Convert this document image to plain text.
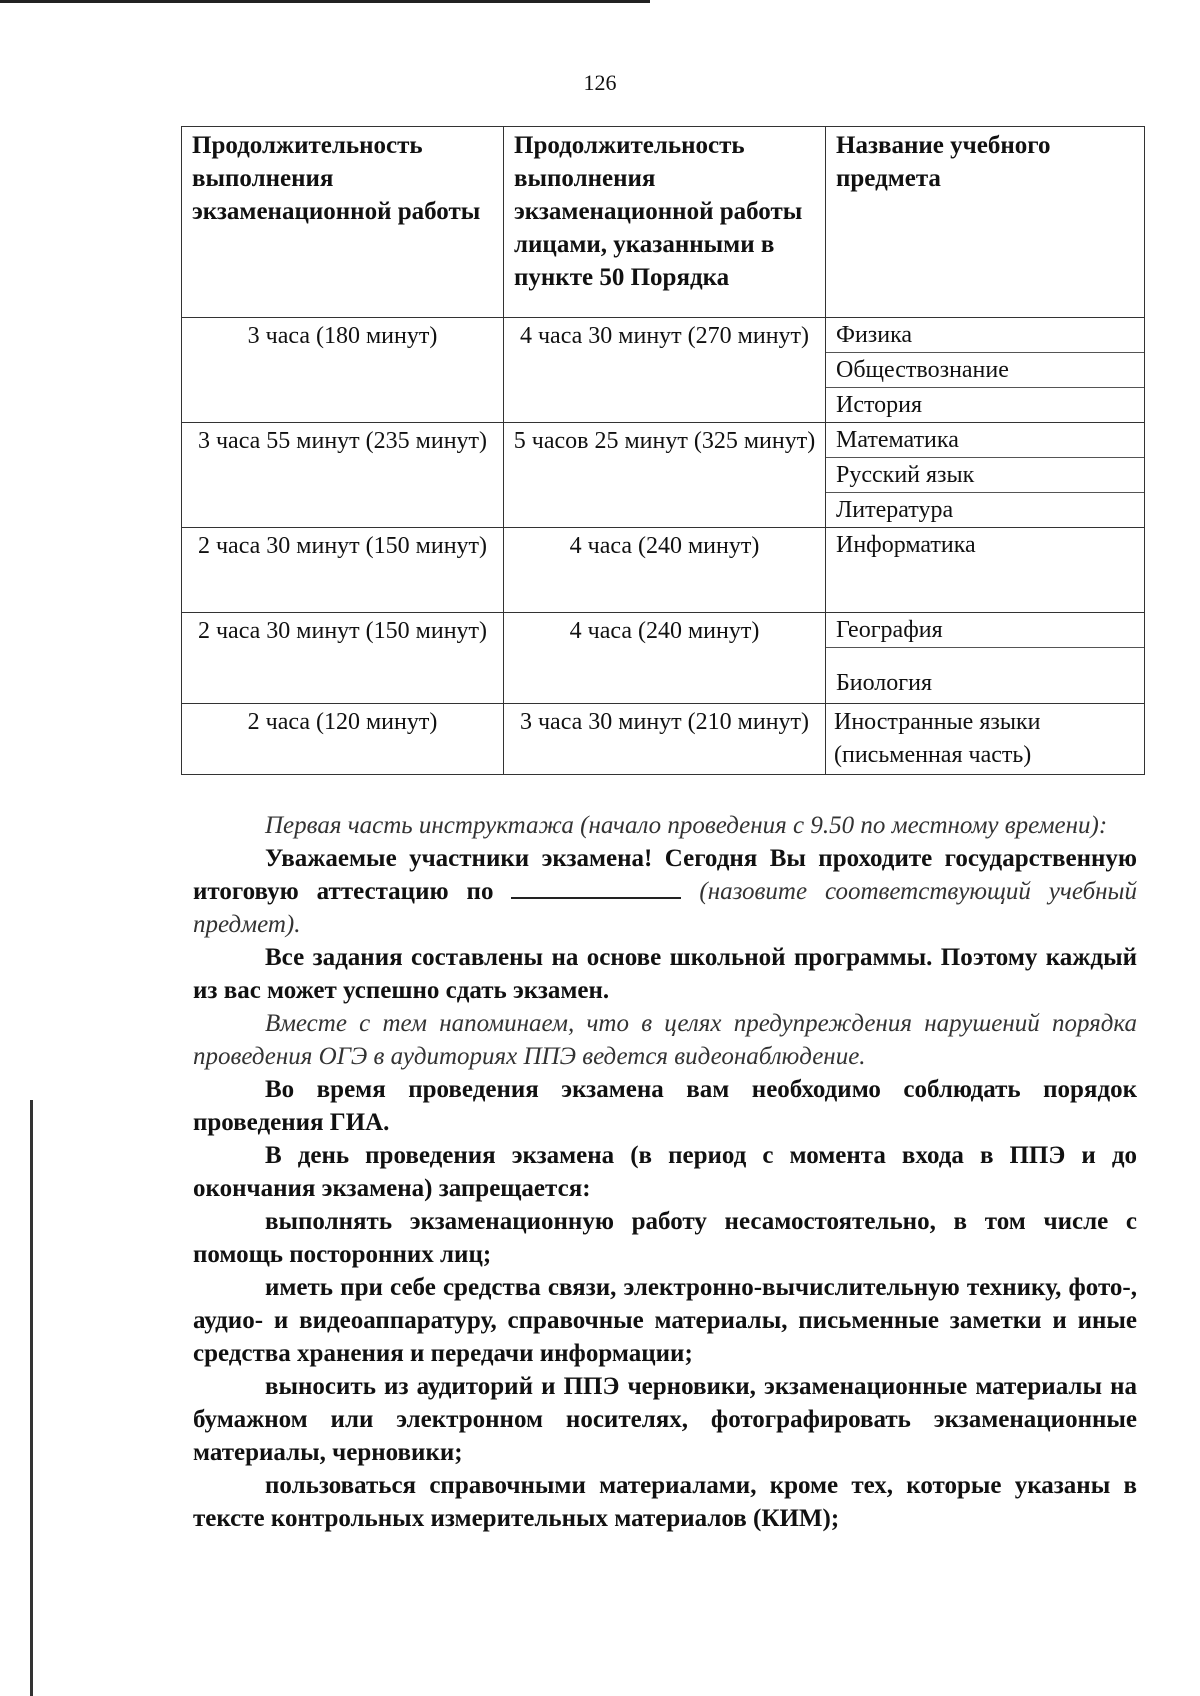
126
Продолжительность выполнения экзаменационной работы	Продолжительность выполнения экзаменационной работы лицами, указанными в пункте 50 Порядка	Название учебного предмета
3 часа (180 минут)	4 часа 30 минут (270 минут)	Физика
Обществознание
История

3 часа 55 минут (235 минут)	5 часов 25 минут (325 минут)	Математика
Русский язык
Литература

2 часа 30 минут (150 минут)	4 часа (240 минут)	Информатика

2 часа 30 минут (150 минут)	4 часа (240 минут)	География
Биология

2 часа (120 минут)	3 часа 30 минут (210 минут)	Иностранные языки (письменная часть)

Первая часть инструктажа (начало проведения с 9.50 по местному времени):

Уважаемые участники экзамена! Сегодня Вы проходите государственную итоговую аттестацию по	(назовите соответствующий учебный предмет).

Все задания составлены на основе школьной программы. Поэтому каждый из вас может успешно сдать экзамен.

Вместе с тем напоминаем, что в целях предупреждения нарушений порядка проведения ОГЭ в аудиториях ППЭ ведется видеонаблюдение.

Во время проведения экзамена вам необходимо соблюдать порядок проведения ГИА.

В день проведения экзамена (в период с момента входа в ППЭ и до окончания экзамена) запрещается:

выполнять экзаменационную работу несамостоятельно, в том числе с помощь посторонних лиц;

иметь при себе средства связи, электронно-вычислительную технику, фото-, аудио- и видеоаппаратуру, справочные материалы, письменные заметки и иные средства хранения и передачи информации;

выносить из аудиторий и ППЭ черновики, экзаменационные материалы на бумажном или электронном носителях, фотографировать экзаменационные материалы, черновики;

пользоваться справочными материалами, кроме тех, которые указаны в тексте контрольных измерительных материалов (КИМ);
